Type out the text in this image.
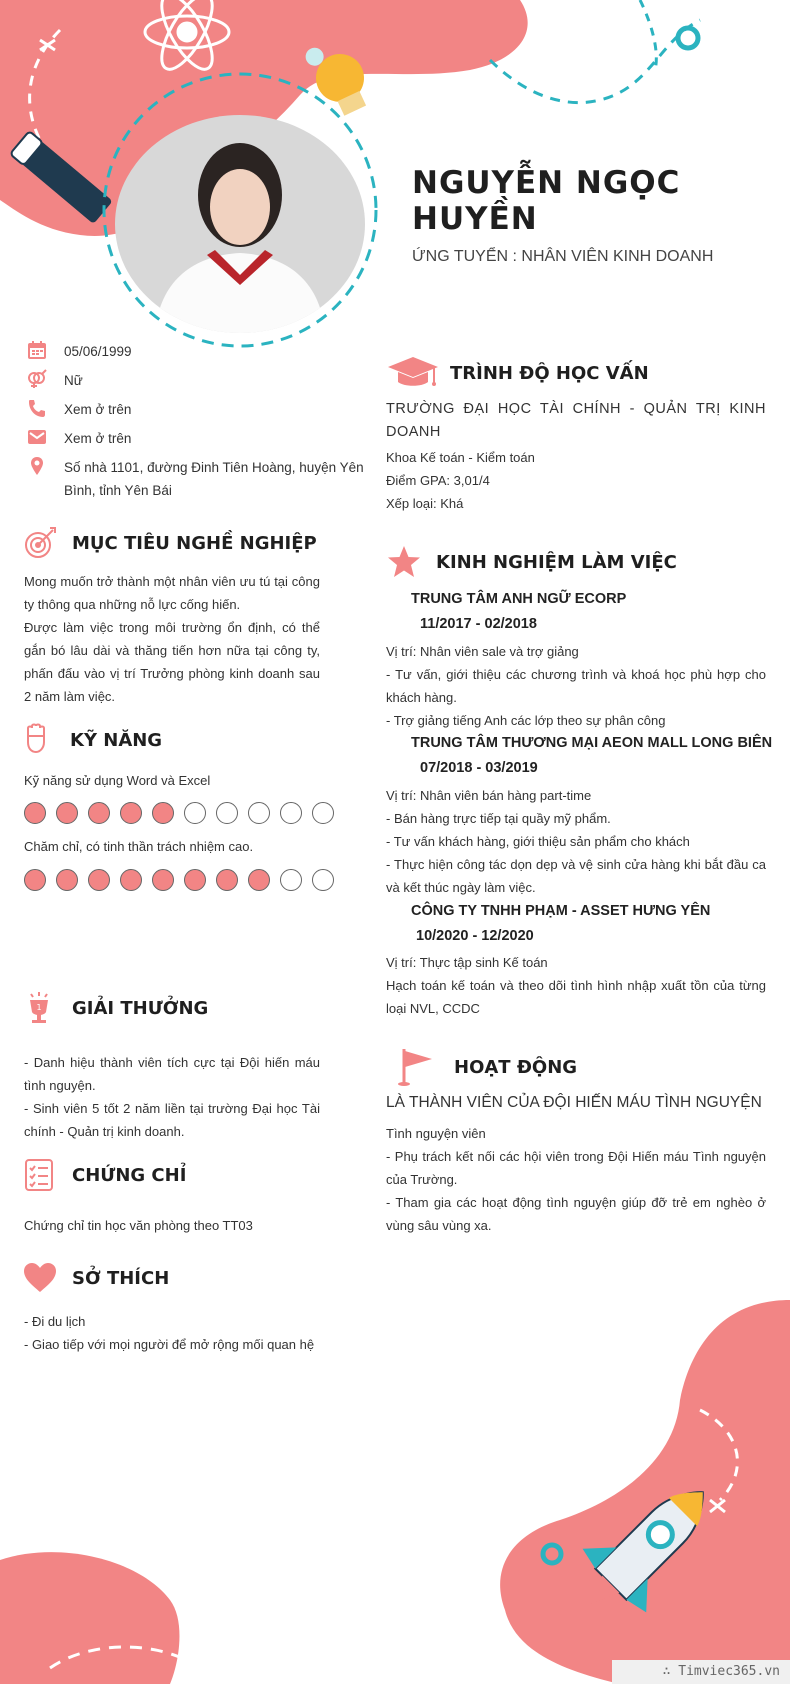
NGUYỄN NGỌC HUYỀN
ỨNG TUYỂN : NHÂN VIÊN KINH DOANH
05/06/1999
Nữ
Xem ở trên
Xem ở trên
Số nhà 1101, đường Đinh Tiên Hoàng, huyện Yên Bình, tỉnh Yên Bái
MỤC TIÊU NGHỀ NGHIỆP

Mong muốn trở thành một nhân viên ưu tú tại công ty thông qua những nỗ lực cống hiến.

Được làm việc trong môi trường ổn định, có thể gắn bó lâu dài và thăng tiến hơn nữa tại công ty, phấn đấu vào vị trí Trưởng phòng kinh doanh sau 2 năm làm việc.

KỸ NĂNG
Kỹ năng sử dụng Word và Excel
Chăm chỉ, có tinh thần trách nhiệm cao.
1 GIẢI THƯỞNG

- Danh hiệu thành viên tích cực tại Đội hiến máu tình nguyện.

- Sinh viên 5 tốt 2 năm liền tại trường Đại học Tài chính - Quản trị kinh doanh.

CHỨNG CHỈ
Chứng chỉ tin học văn phòng theo TT03
SỞ THÍCH

- Đi du lịch

- Giao tiếp với mọi người để mở rộng mối quan hệ

TRÌNH ĐỘ HỌC VẤN
TRƯỜNG ĐẠI HỌC TÀI CHÍNH - QUẢN TRỊ KINH DOANH

Khoa Kế toán - Kiểm toán

Điểm GPA: 3,01/4

Xếp loại: Khá

KINH NGHIỆM LÀM VIỆC
TRUNG TÂM ANH NGỮ ECORP
11/2017 - 02/2018

Vị trí: Nhân viên sale và trợ giảng

- Tư vấn, giới thiệu các chương trình và khoá học phù hợp cho khách hàng.

- Trợ giảng tiếng Anh các lớp theo sự phân công

TRUNG TÂM THƯƠNG MẠI AEON MALL LONG BIÊN
07/2018 - 03/2019

Vị trí: Nhân viên bán hàng part-time

- Bán hàng trực tiếp tại quầy mỹ phẩm.

- Tư vấn khách hàng, giới thiệu sản phẩm cho khách

- Thực hiện công tác dọn dẹp và vệ sinh cửa hàng khi bắt đầu ca và kết thúc ngày làm việc.

CÔNG TY TNHH PHẠM - ASSET HƯNG YÊN
10/2020 - 12/2020

Vị trí: Thực tập sinh Kế toán

Hạch toán kế toán và theo dõi tình hình nhập xuất tồn của từng loại NVL, CCDC

HOẠT ĐỘNG
LÀ THÀNH VIÊN CỦA ĐỘI HIẾN MÁU TÌNH NGUYỆN

Tình nguyện viên

- Phụ trách kết nối các hội viên trong Đội Hiến máu Tình nguyện của Trường.

- Tham gia các hoạt động tình nguyện giúp đỡ trẻ em nghèo ở vùng sâu vùng xa.

∴ Timviec365.vn
